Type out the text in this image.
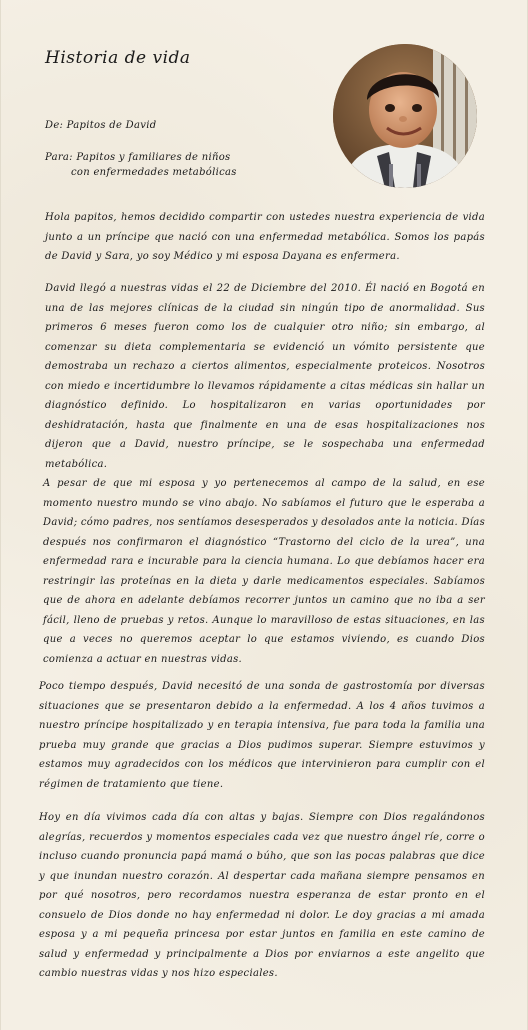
Historia de vida
De: Papitos de David
Para: Papitos y familiares de niños
con enfermedades metabólicas

Hola papitos, hemos decidido compartir con ustedes nuestra experiencia de vida junto a un príncipe que nació con una enfermedad metabólica. Somos los papás de David y Sara, yo soy Médico y mi esposa Dayana es enfermera.

David llegó a nuestras vidas el 22 de Diciembre del 2010. Él nació en Bogotá en una de las mejores clínicas de la ciudad sin ningún tipo de anormalidad. Sus primeros 6 meses fueron como los de cualquier otro niño; sin embargo, al comenzar su dieta complementaria se evidenció un vómito persistente que demostraba un rechazo a ciertos alimentos, especialmente proteicos. Nosotros con miedo e incertidumbre lo llevamos rápidamente a citas médicas sin hallar un diagnóstico definido. Lo hospitalizaron en varias oportunidades por deshidratación, hasta que finalmente en una de esas hospitalizaciones nos dijeron que a David, nuestro príncipe, se le sospechaba una enfermedad metabólica.

A pesar de que mi esposa y yo pertenecemos al campo de la salud, en ese momento nuestro mundo se vino abajo. No sabíamos el futuro que le esperaba a David; cómo padres, nos sentíamos desesperados y desolados ante la noticia. Días después nos confirmaron el diagnóstico “Trastorno del ciclo de la urea”, una enfermedad rara e incurable para la ciencia humana. Lo que debíamos hacer era restringir las proteínas en la dieta y darle medicamentos especiales. Sabíamos que de ahora en adelante debíamos recorrer juntos un camino que no iba a ser fácil, lleno de pruebas y retos. Aunque lo maravilloso de estas situaciones, en las que a veces no queremos aceptar lo que estamos viviendo, es cuando Dios comienza a actuar en nuestras vidas.

Poco tiempo después, David necesitó de una sonda de gastrostomía por diversas situaciones que se presentaron debido a la enfermedad. A los 4 años tuvimos a nuestro príncipe hospitalizado y en terapia intensiva, fue para toda la familia una prueba muy grande que gracias a Dios pudimos superar. Siempre estuvimos y estamos muy agradecidos con los médicos que intervinieron para cumplir con el régimen de tratamiento que tiene.

Hoy en día vivimos cada día con altas y bajas. Siempre con Dios regalándonos alegrías, recuerdos y momentos especiales cada vez que nuestro ángel ríe, corre o incluso cuando pronuncia papá mamá o búho, que son las pocas palabras que dice y que inundan nuestro corazón. Al despertar cada mañana siempre pensamos en por qué nosotros, pero recordamos nuestra esperanza de estar pronto en el consuelo de Dios donde no hay enfermedad ni dolor. Le doy gracias a mi amada esposa y a mi pequeña princesa por estar juntos en familia en este camino de salud y enfermedad y principalmente a Dios por enviarnos a este angelito que cambio nuestras vidas y nos hizo especiales.
